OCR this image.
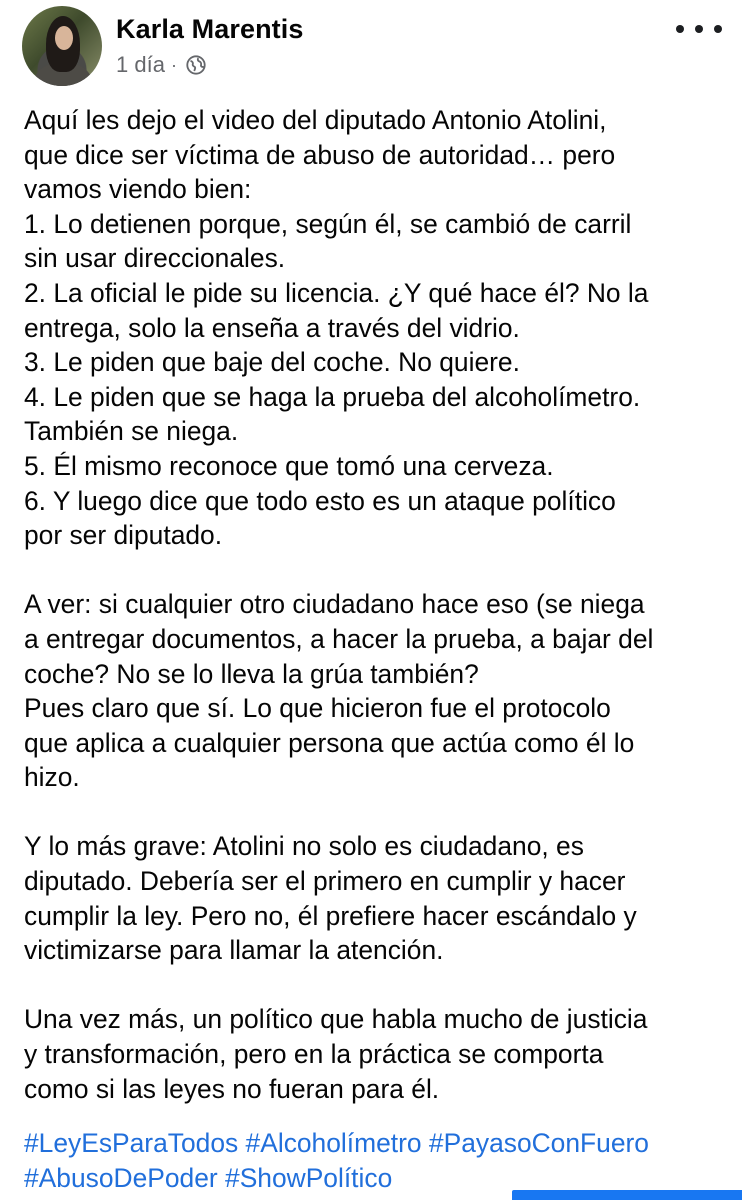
Karla Marentis
1 día ·

Aquí les dejo el video del diputado Antonio Atolini,

que dice ser víctima de abuso de autoridad… pero

vamos viendo bien:

1. Lo detienen porque, según él, se cambió de carril

sin usar direccionales.

2. La oficial le pide su licencia. ¿Y qué hace él? No la

entrega, solo la enseña a través del vidrio.

3. Le piden que baje del coche. No quiere.

4. Le piden que se haga la prueba del alcoholímetro.

También se niega.

5. Él mismo reconoce que tomó una cerveza.

6. Y luego dice que todo esto es un ataque político

por ser diputado.

A ver: si cualquier otro ciudadano hace eso (se niega

a entregar documentos, a hacer la prueba, a bajar del

coche? No se lo lleva la grúa también?

Pues claro que sí. Lo que hicieron fue el protocolo

que aplica a cualquier persona que actúa como él lo

hizo.

Y lo más grave: Atolini no solo es ciudadano, es

diputado. Debería ser el primero en cumplir y hacer

cumplir la ley. Pero no, él prefiere hacer escándalo y

victimizarse para llamar la atención.

Una vez más, un político que habla mucho de justicia

y transformación, pero en la práctica se comporta

como si las leyes no fueran para él.

#LeyEsParaTodos #Alcoholímetro #PayasoConFuero
#AbusoDePoder #ShowPolítico
